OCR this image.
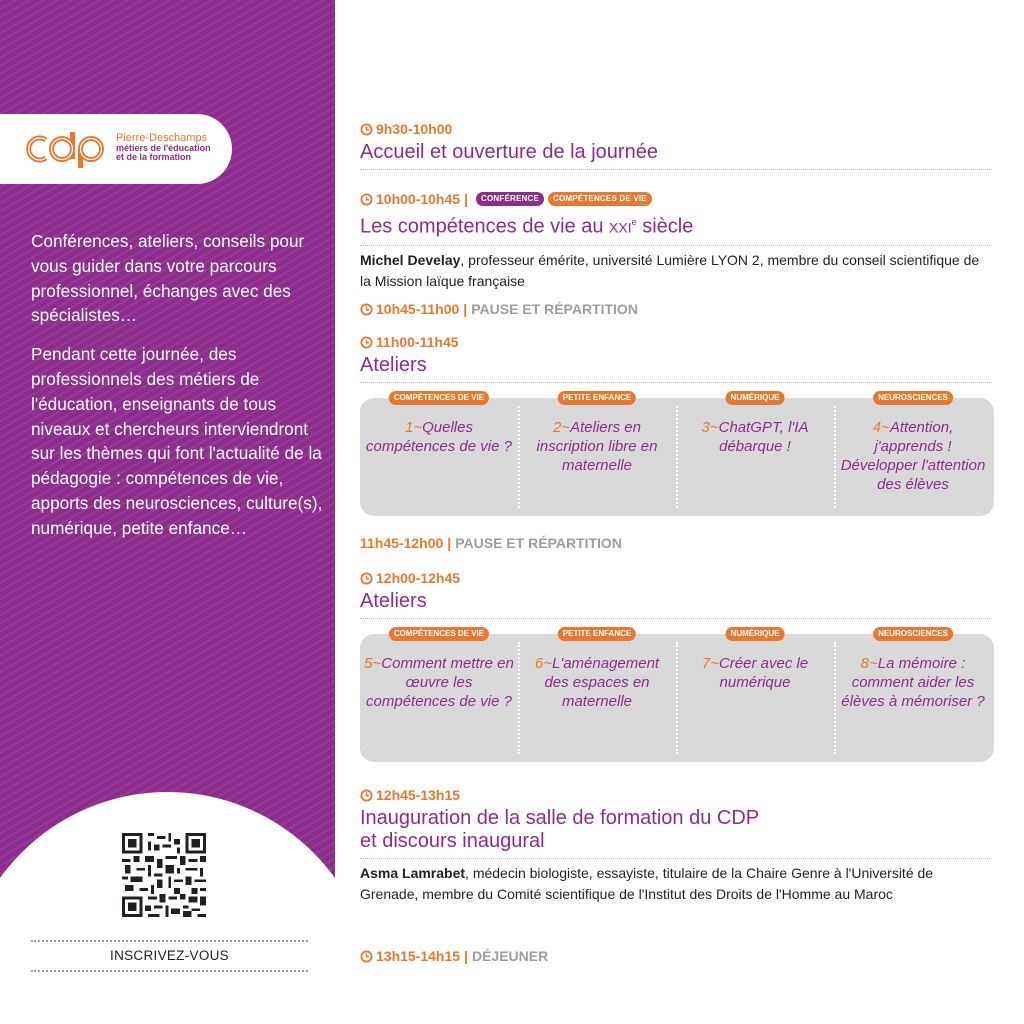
Pierre-Deschamps
métiers de l'éducation
et de la formation

Conférences, ateliers, conseils pour vous guider dans votre parcours professionnel, échanges avec des spécialistes…

Pendant cette journée, des professionnels des métiers de l'éducation, enseignants de tous niveaux et chercheurs interviendront sur les thèmes qui font l'actualité de la pédagogie : compétences de vie, apports des neurosciences, culture(s), numérique, petite enfance…

INSCRIVEZ-VOUS
9h30-10h00
Accueil et ouverture de la journée
10h00-10h45 |	CONFÉRENCE	COMPÉTENCES DE VIE
Les compétences de vie au XXIe siècle
Michel Develay, professeur émérite, université Lumière LYON 2, membre du conseil scientifique de la Mission laïque française
10h45-11h00 | PAUSE ET RÉPARTITION
11h00-11h45
Ateliers
COMPÉTENCES DE VIE
1~Quelles compétences de vie ?
PETITE ENFANCE
2~Ateliers en inscription libre en maternelle
NUMÉRIQUE
3~ChatGPT, l'IA débarque !
NEUROSCIENCES
4~Attention, j'apprends ! Développer l'attention des élèves
11h45-12h00 | PAUSE ET RÉPARTITION
12h00-12h45
Ateliers
COMPÉTENCES DE VIE
5~Comment mettre en œuvre les compétences de vie ?
PETITE ENFANCE
6~L'aménagement des espaces en maternelle
NUMÉRIQUE
7~Créer avec le numérique
NEUROSCIENCES
8~La mémoire : comment aider les élèves à mémoriser ?
12h45-13h15
Inauguration de la salle de formation du CDP
et discours inaugural
Asma Lamrabet, médecin biologiste, essayiste, titulaire de la Chaire Genre à l'Université de Grenade, membre du Comité scientifique de l'Institut des Droits de l'Homme au Maroc
13h15-14h15 | DÉJEUNER
